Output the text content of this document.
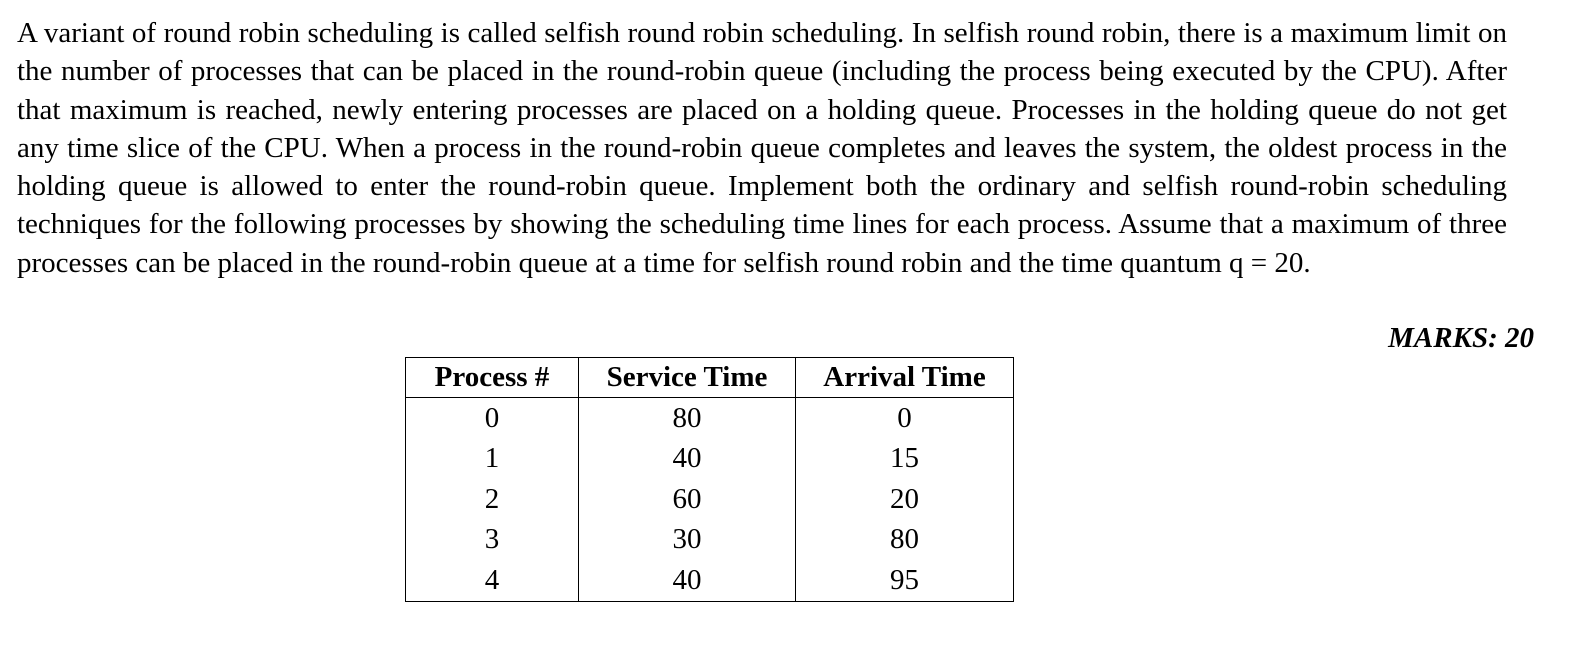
A variant of round robin scheduling is called selfish round robin scheduling. In selfish round robin, there is a maximum limit on the number of processes that can be placed in the round-robin queue (including the process being executed by the CPU). After that maximum is reached, newly entering processes are placed on a holding queue. Processes in the holding queue do not get any time slice of the CPU. When a process in the round-robin queue completes and leaves the system, the oldest process in the holding queue is allowed to enter the round-robin queue. Implement both the ordinary and selfish round-robin scheduling techniques for the following processes by showing the scheduling time lines for each process. Assume that a maximum of three processes can be placed in the round-robin queue at a time for selfish round robin and the time quantum q = 20.

MARKS: 20

Process #	Service Time	Arrival Time
0	80	0
1	40	15
2	60	20
3	30	80
4	40	95
